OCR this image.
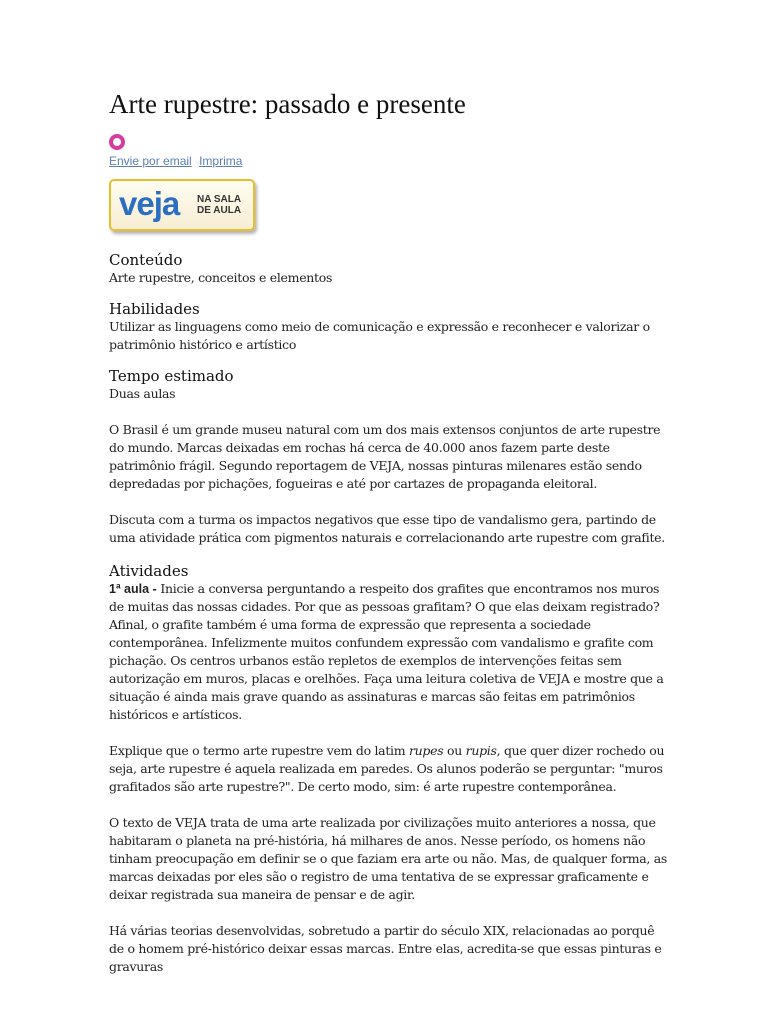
Arte rupestre: passado e presente
Envie por email Imprima
veja NA SALA
DE AULA
Conteúdo

Arte rupestre, conceitos e elementos

Habilidades

Utilizar as linguagens como meio de comunicação e expressão e reconhecer e valorizar o patrimônio histórico e artístico

Tempo estimado

Duas aulas

O Brasil é um grande museu natural com um dos mais extensos conjuntos de arte rupestre do mundo. Marcas deixadas em rochas há cerca de 40.000 anos fazem parte deste patrimônio frágil. Segundo reportagem de VEJA, nossas pinturas milenares estão sendo depredadas por pichações, fogueiras e até por cartazes de propaganda eleitoral.

Discuta com a turma os impactos negativos que esse tipo de vandalismo gera, partindo de uma atividade prática com pigmentos naturais e correlacionando arte rupestre com grafite.

Atividades

1ª aula - Inicie a conversa perguntando a respeito dos grafites que encontramos nos muros de muitas das nossas cidades. Por que as pessoas grafitam? O que elas deixam registrado? Afinal, o grafite também é uma forma de expressão que representa a sociedade contemporânea. Infelizmente muitos confundem expressão com vandalismo e grafite com pichação. Os centros urbanos estão repletos de exemplos de intervenções feitas sem autorização em muros, placas e orelhões. Faça uma leitura coletiva de VEJA e mostre que a situação é ainda mais grave quando as assinaturas e marcas são feitas em patrimônios históricos e artísticos.

Explique que o termo arte rupestre vem do latim rupes ou rupis, que quer dizer rochedo ou seja, arte rupestre é aquela realizada em paredes. Os alunos poderão se perguntar: "muros grafitados são arte rupestre?". De certo modo, sim: é arte rupestre contemporânea.

O texto de VEJA trata de uma arte realizada por civilizações muito anteriores a nossa, que habitaram o planeta na pré-história, há milhares de anos. Nesse período, os homens não tinham preocupação em definir se o que faziam era arte ou não. Mas, de qualquer forma, as marcas deixadas por eles são o registro de uma tentativa de se expressar graficamente e deixar registrada sua maneira de pensar e de agir.

Há várias teorias desenvolvidas, sobretudo a partir do século XIX, relacionadas ao porquê de o homem pré-histórico deixar essas marcas. Entre elas, acredita-se que essas pinturas e gravuras
